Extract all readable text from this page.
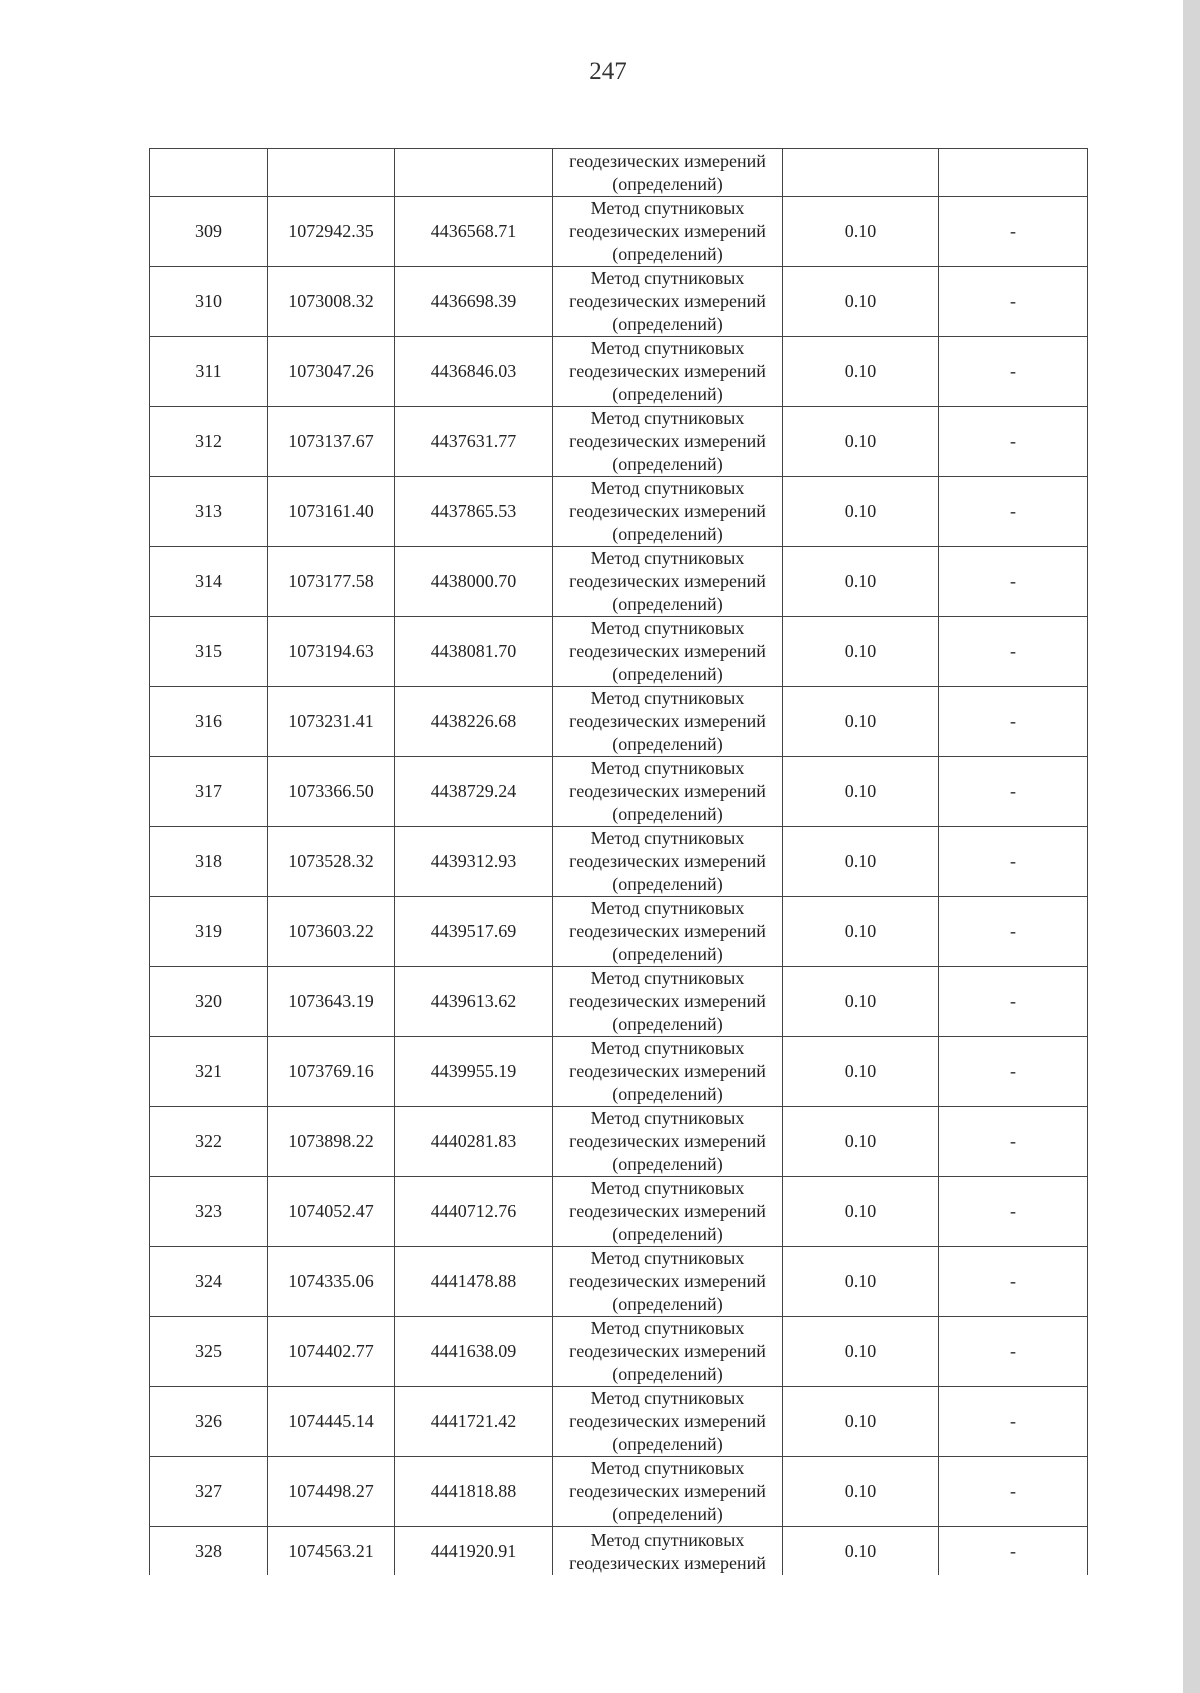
247
			геодезических измерений
(определений)		
309	1072942.35	4436568.71	Метод спутниковых
геодезических измерений
(определений)	0.10	-
310	1073008.32	4436698.39	Метод спутниковых
геодезических измерений
(определений)	0.10	-
311	1073047.26	4436846.03	Метод спутниковых
геодезических измерений
(определений)	0.10	-
312	1073137.67	4437631.77	Метод спутниковых
геодезических измерений
(определений)	0.10	-
313	1073161.40	4437865.53	Метод спутниковых
геодезических измерений
(определений)	0.10	-
314	1073177.58	4438000.70	Метод спутниковых
геодезических измерений
(определений)	0.10	-
315	1073194.63	4438081.70	Метод спутниковых
геодезических измерений
(определений)	0.10	-
316	1073231.41	4438226.68	Метод спутниковых
геодезических измерений
(определений)	0.10	-
317	1073366.50	4438729.24	Метод спутниковых
геодезических измерений
(определений)	0.10	-
318	1073528.32	4439312.93	Метод спутниковых
геодезических измерений
(определений)	0.10	-
319	1073603.22	4439517.69	Метод спутниковых
геодезических измерений
(определений)	0.10	-
320	1073643.19	4439613.62	Метод спутниковых
геодезических измерений
(определений)	0.10	-
321	1073769.16	4439955.19	Метод спутниковых
геодезических измерений
(определений)	0.10	-
322	1073898.22	4440281.83	Метод спутниковых
геодезических измерений
(определений)	0.10	-
323	1074052.47	4440712.76	Метод спутниковых
геодезических измерений
(определений)	0.10	-
324	1074335.06	4441478.88	Метод спутниковых
геодезических измерений
(определений)	0.10	-
325	1074402.77	4441638.09	Метод спутниковых
геодезических измерений
(определений)	0.10	-
326	1074445.14	4441721.42	Метод спутниковых
геодезических измерений
(определений)	0.10	-
327	1074498.27	4441818.88	Метод спутниковых
геодезических измерений
(определений)	0.10	-
328	1074563.21	4441920.91	Метод спутниковых
геодезических измерений	0.10	-
